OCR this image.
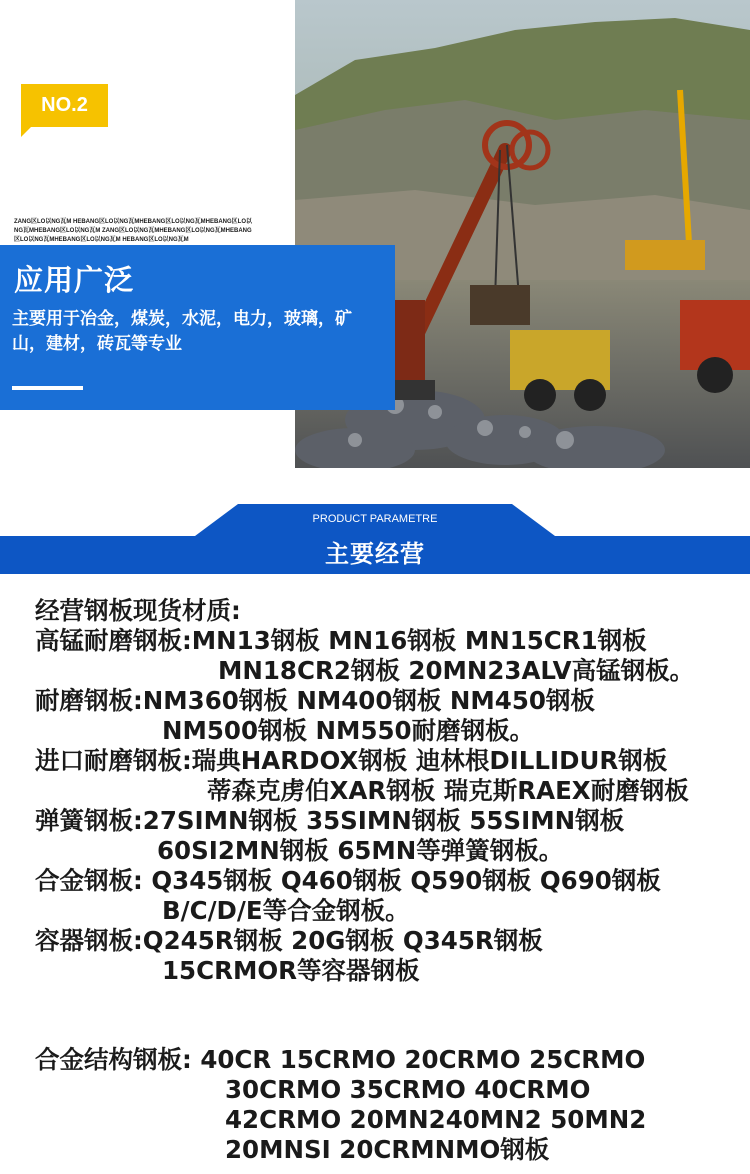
NO.2
ZANG区LO以NG瓦M HEBANG区LO以NG瓦MHEBANG区LO以NG瓦MHEBANG区LO以NG瓦MHEBANG区LO以NG瓦M ZANG区LO以NG瓦MHEBANG区LO以NG瓦MHEBANG区LO以NG瓦MHEBANG区LO以NG瓦M HEBANG区LO以NG瓦M
应用广泛
主要用于冶金，煤炭，水泥，电力，玻璃，矿山，建材，砖瓦等专业
PRODUCT PARAMETRE
主要经营
经营钢板现货材质:
高锰耐磨钢板:MN13钢板 MN16钢板 MN15CR1钢板
MN18CR2钢板 20MN23ALV高锰钢板。
耐磨钢板:NM360钢板 NM400钢板 NM450钢板
NM500钢板 NM550耐磨钢板。
进口耐磨钢板:瑞典HARDOX钢板 迪林根DILLIDUR钢板
蒂森克虏伯XAR钢板 瑞克斯RAEX耐磨钢板
弹簧钢板:27SIMN钢板 35SIMN钢板 55SIMN钢板
60SI2MN钢板 65MN等弹簧钢板。
合金钢板: Q345钢板 Q460钢板 Q590钢板 Q690钢板
B/C/D/E等合金钢板。
容器钢板:Q245R钢板 20G钢板 Q345R钢板
15CRMOR等容器钢板
合金结构钢板: 40CR 15CRMO 20CRMO 25CRMO
30CRMO 35CRMO 40CRMO
42CRMO 20MN240MN2 50MN2
20MNSI 20CRMNMO钢板
